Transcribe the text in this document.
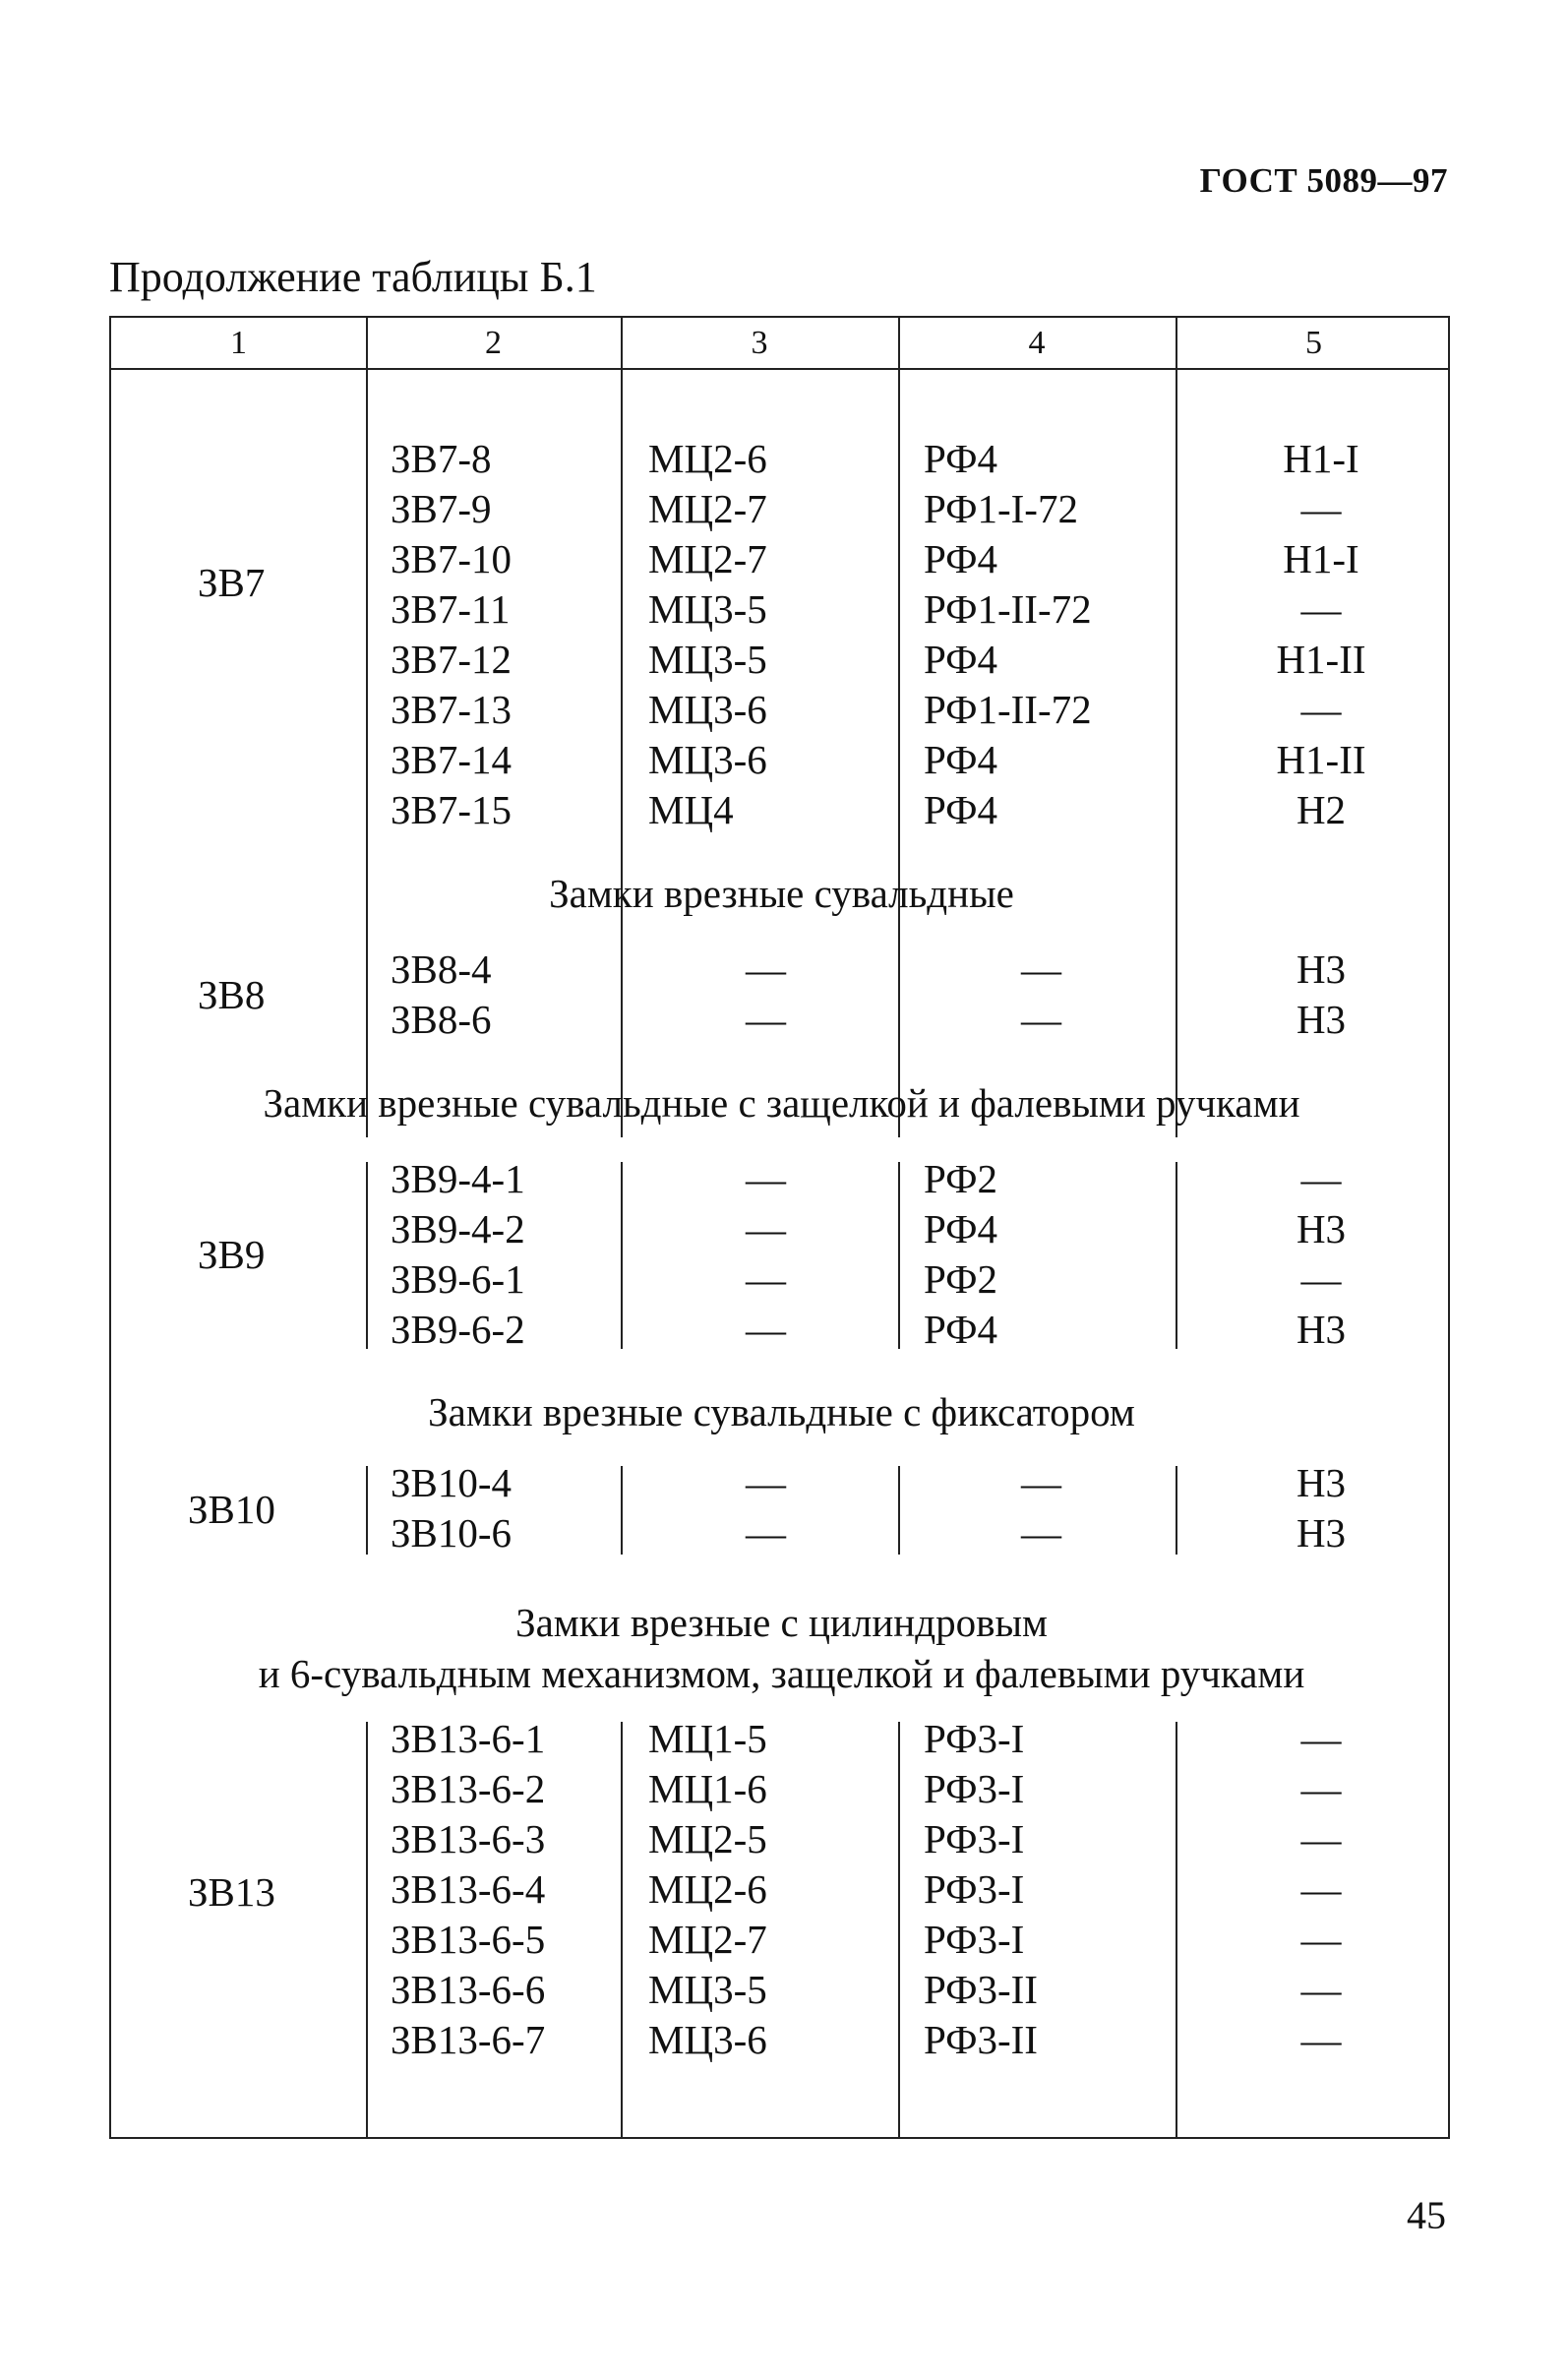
ГОСТ 5089—97
Продолжение таблицы Б.1
1	2	3	4	5
ЗВ7
ЗВ7-8	МЦ2-6	РФ4	Н1-I
ЗВ7-9	МЦ2-7	РФ1-I-72	—
ЗВ7-10	МЦ2-7	РФ4	Н1-I
ЗВ7-11	МЦ3-5	РФ1-II-72	—
ЗВ7-12	МЦ3-5	РФ4	Н1-II
ЗВ7-13	МЦ3-6	РФ1-II-72	—
ЗВ7-14	МЦ3-6	РФ4	Н1-II
ЗВ7-15	МЦ4	РФ4	Н2
Замки врезные сувальдные
ЗВ8
ЗВ8-4	—	—	Н3
ЗВ8-6	—	—	Н3
Замки врезные сувальдные с защелкой и фалевыми ручками
ЗВ9
ЗВ9-4-1	—	РФ2	—
ЗВ9-4-2	—	РФ4	Н3
ЗВ9-6-1	—	РФ2	—
ЗВ9-6-2	—	РФ4	Н3
Замки врезные сувальдные с фиксатором
ЗВ10
ЗВ10-4	—	—	Н3
ЗВ10-6	—	—	Н3
Замки врезные с цилиндровым
и 6-сувальдным механизмом, защелкой и фалевыми ручками
ЗВ13
ЗВ13-6-1	МЦ1-5	РФ3-I	—
ЗВ13-6-2	МЦ1-6	РФ3-I	—
ЗВ13-6-3	МЦ2-5	РФ3-I	—
ЗВ13-6-4	МЦ2-6	РФ3-I	—
ЗВ13-6-5	МЦ2-7	РФ3-I	—
ЗВ13-6-6	МЦ3-5	РФ3-II	—
ЗВ13-6-7	МЦ3-6	РФ3-II	—
45
